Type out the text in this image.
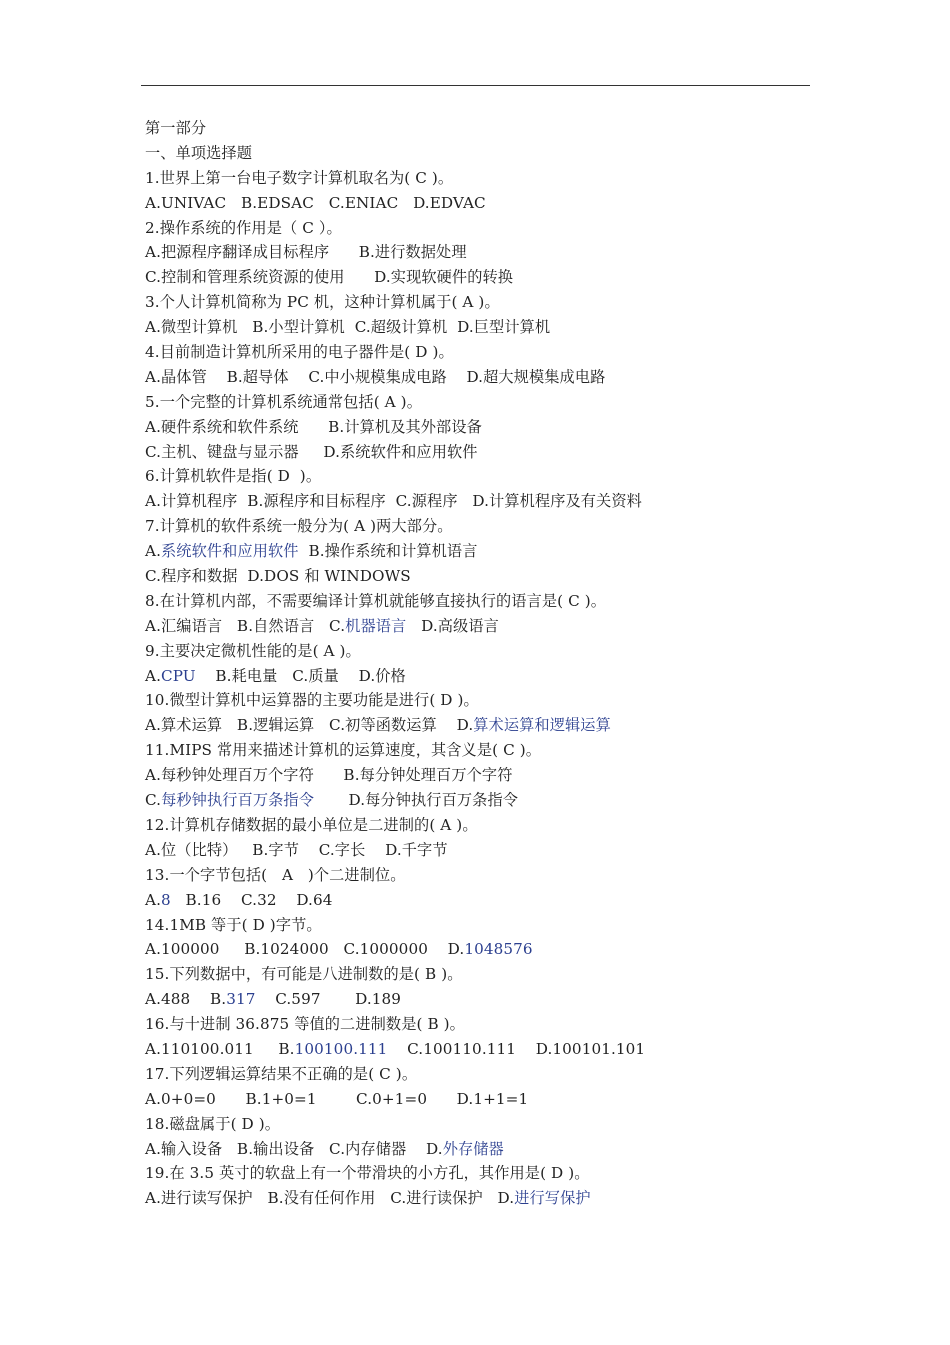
第一部分
一、单项选择题
1.世界上第一台电子数字计算机取名为( C )。
A.UNIVAC   B.EDSAC   C.ENIAC   D.EDVAC
2.操作系统的作用是（ C ）。
A.把源程序翻译成目标程序      B.进行数据处理
C.控制和管理系统资源的使用      D.实现软硬件的转换
3.个人计算机简称为 PC 机，这种计算机属于( A )。
A.微型计算机   B.小型计算机  C.超级计算机  D.巨型计算机
4.目前制造计算机所采用的电子器件是( D )。
A.晶体管    B.超导体    C.中小规模集成电路    D.超大规模集成电路
5.一个完整的计算机系统通常包括( A )。
A.硬件系统和软件系统      B.计算机及其外部设备
C.主机、键盘与显示器     D.系统软件和应用软件
6.计算机软件是指( D  )。
A.计算机程序  B.源程序和目标程序  C.源程序   D.计算机程序及有关资料
7.计算机的软件系统一般分为( A )两大部分。
A.系统软件和应用软件  B.操作系统和计算机语言
C.程序和数据  D.DOS 和 WINDOWS
8.在计算机内部，不需要编译计算机就能够直接执行的语言是( C )。
A.汇编语言   B.自然语言   C.机器语言   D.高级语言
9.主要决定微机性能的是( A )。
A.CPU    B.耗电量   C.质量    D.价格
10.微型计算机中运算器的主要功能是进行( D )。
A.算术运算   B.逻辑运算   C.初等函数运算    D.算术运算和逻辑运算
11.MIPS 常用来描述计算机的运算速度，其含义是( C )。
A.每秒钟处理百万个字符      B.每分钟处理百万个字符
C.每秒钟执行百万条指令       D.每分钟执行百万条指令
12.计算机存储数据的最小单位是二进制的( A )。
A.位（比特）   B.字节    C.字长    D.千字节
13.一个字节包括(   A   )个二进制位。
A.8   B.16    C.32    D.64
14.1MB 等于( D )字节。
A.100000     B.1024000   C.1000000    D.1048576
15.下列数据中，有可能是八进制数的是( B )。
A.488    B.317    C.597       D.189
16.与十进制 36.875 等值的二进制数是( B )。
A.110100.011     B.100100.111    C.100110.111    D.100101.101
17.下列逻辑运算结果不正确的是( C )。
A.0+0=0      B.1+0=1        C.0+1=0      D.1+1=1
18.磁盘属于( D )。
A.输入设备   B.输出设备   C.内存储器    D.外存储器
19.在 3.5 英寸的软盘上有一个带滑块的小方孔，其作用是( D )。
A.进行读写保护   B.没有任何作用   C.进行读保护   D.进行写保护
